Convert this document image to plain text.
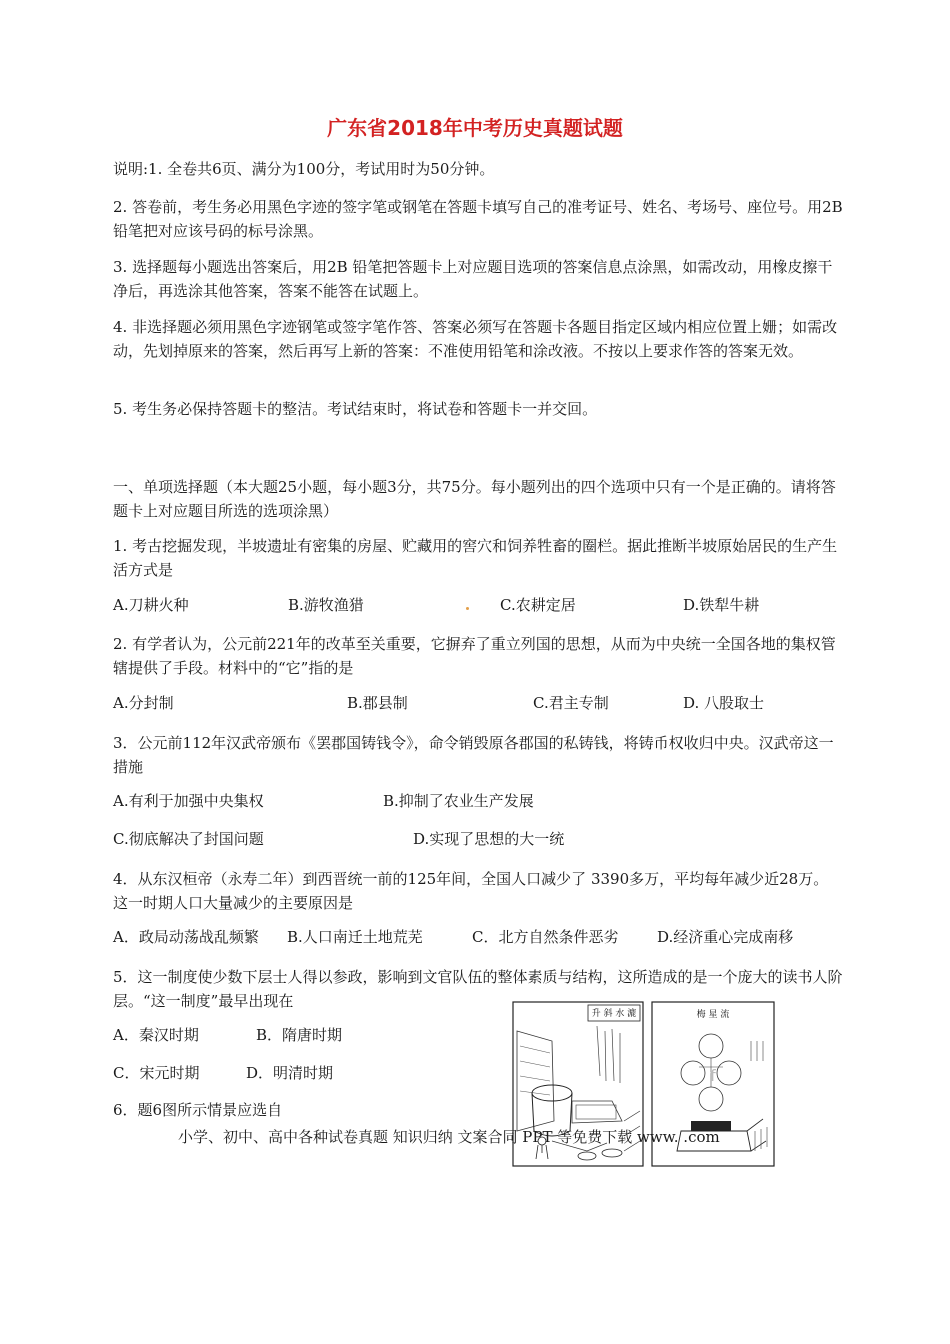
广东省2018年中考历史真题试题
说明:1. 全卷共6页、满分为100分，考试用时为50分钟。
2. 答卷前，考生务必用黑色字迹的签字笔或钢笔在答题卡填写自己的准考证号、姓名、考场号、座位号。用2B铅笔把对应该号码的标号涂黑。
3. 选择题每小题选出答案后，用2B 铅笔把答题卡上对应题目选项的答案信息点涂黑，如需改动，用橡皮擦干净后，再选涂其他答案，答案不能答在试题上。
4. 非选择题必须用黑色字迹钢笔或签字笔作答、答案必须写在答题卡各题目指定区域内相应位置上姗；如需改动，先划掉原来的答案，然后再写上新的答案：不准使用铅笔和涂改液。不按以上要求作答的答案无效。
5. 考生务必保持答题卡的整洁。考试结束时，将试卷和答题卡一并交回。
一、单项选择题（本大题25小题，每小题3分，共75分。每小题列出的四个选项中只有一个是正确的。请将答题卡上对应题目所选的选项涂黑）
1. 考古挖掘发现，半坡遗址有密集的房屋、贮藏用的窖穴和饲养牲畜的圈栏。据此推断半坡原始居民的生产生活方式是
A.刀耕火种	B.游牧渔猎	C.农耕定居	D.铁犁牛耕
2. 有学者认为，公元前221年的改革至关重要，它摒弃了重立列国的思想，从而为中央统一全国各地的集权管辖提供了手段。材料中的“它”指的是
A.分封制	B.郡县制	C.君主专制	D. 八股取士
3．公元前112年汉武帝颁布《罢郡国铸钱令》，命令销毁原各郡国的私铸钱，将铸币权收归中央。汉武帝这一措施
A.有利于加强中央集权	B.抑制了农业生产发展
C.彻底解决了封国问题	D.实现了思想的大一统
4．从东汉桓帝（永寿二年）到西晋统一前的125年间，全国人口减少了 3390多万，平均每年减少近28万。这一时期人口大量减少的主要原因是
A．政局动荡战乱频繁 B.人口南迁土地荒芜	C．北方自然条件恶劣	D.经济重心完成南移
5．这一制度使少数下层士人得以参政，影响到文官队伍的整体素质与结构，这所造成的是一个庞大的读书人阶层。“这一制度”最早出现在
A．秦汉时期	B．隋唐时期
C．宋元时期	D．明清时期
6．题6图所示情景应选自
升 斜 水 漉	梅 星 流
f
小学、初中、高中各种试卷真题 知识归纳 文案合同 PPT 等免费下载 www. .com
